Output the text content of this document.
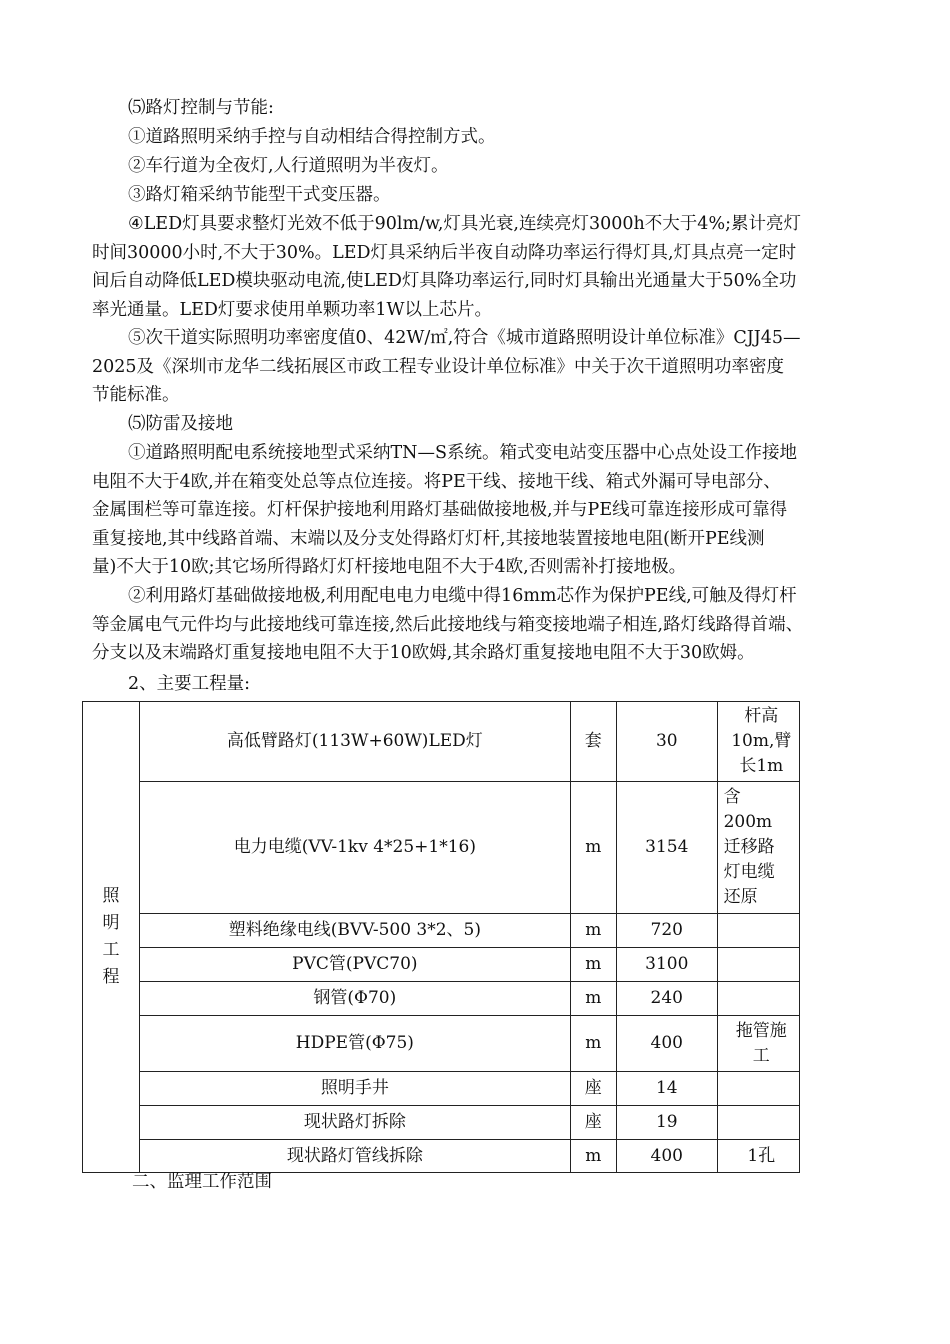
⑸路灯控制与节能:

①道路照明采纳手控与自动相结合得控制方式。

②车行道为全夜灯,人行道照明为半夜灯。

③路灯箱采纳节能型干式变压器。

④LED灯具要求整灯光效不低于90lm/w,灯具光衰,连续亮灯3000h不大于4%;累计亮灯
时间30000小时,不大于30%。LED灯具采纳后半夜自动降功率运行得灯具,灯具点亮一定时
间后自动降低LED模块驱动电流,使LED灯具降功率运行,同时灯具输出光通量大于50%全功
率光通量。LED灯要求使用单颗功率1W以上芯片。

⑤次干道实际照明功率密度值0、42W/㎡,符合《城市道路照明设计单位标准》CJJ45—
2025及《深圳市龙华二线拓展区市政工程专业设计单位标准》中关于次干道照明功率密度
节能标准。

⑸防雷及接地

①道路照明配电系统接地型式采纳TN—S系统。箱式变电站变压器中心点处设工作接地
电阻不大于4欧,并在箱变处总等点位连接。将PE干线、接地干线、箱式外漏可导电部分、
金属围栏等可靠连接。灯杆保护接地利用路灯基础做接地极,并与PE线可靠连接形成可靠得
重复接地,其中线路首端、末端以及分支处得路灯灯杆,其接地装置接地电阻(断开PE线测
量)不大于10欧;其它场所得路灯灯杆接地电阻不大于4欧,否则需补打接地极。

②利用路灯基础做接地极,利用配电电力电缆中得16mm芯作为保护PE线,可触及得灯杆
等金属电气元件均与此接地线可靠连接,然后此接地线与箱变接地端子相连,路灯线路得首端、
分支以及末端路灯重复接地电阻不大于10欧姆,其余路灯重复接地电阻不大于30欧姆。

2、主要工程量:

照
明
工
程	高低臂路灯(113W+60W)LED灯	套	30	杆高
10m,臂
长1m

	电力电缆(VV-1kv 4*25+1*16)	m	3154	含
200m
迁移路
灯电缆
还原

	塑料绝缘电线(BVV-500 3*2、5)	m	720	
	PVC管(PVC70)	m	3100	
	钢管(Φ70)	m	240	
	HDPE管(Φ75)	m	400	拖管施
工

	照明手井	座	14	
	现状路灯拆除	座	19	
	现状路灯管线拆除	m	400	1孔

二、监理工作范围
